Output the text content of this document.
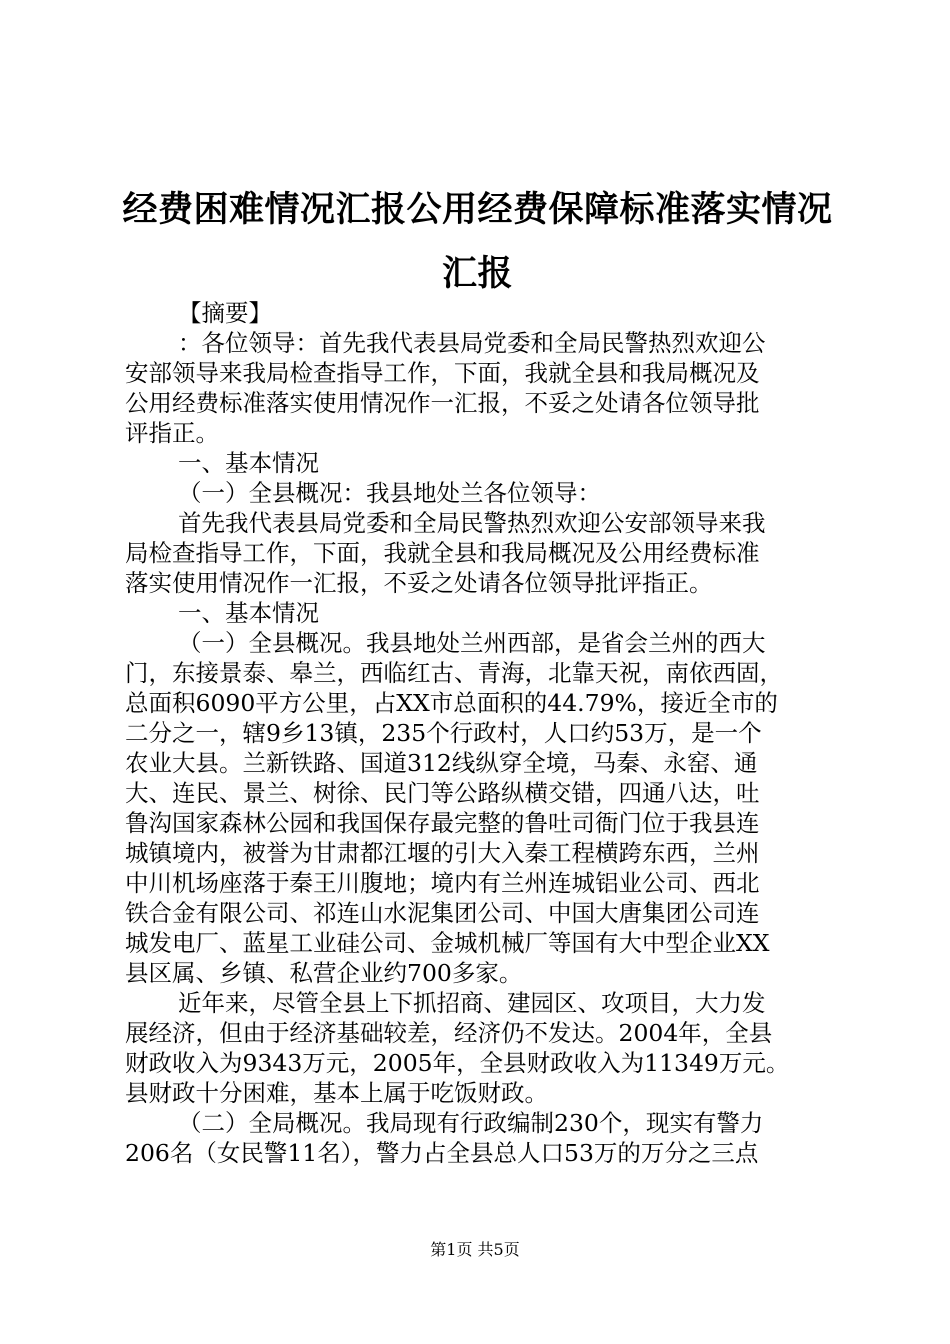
经费困难情况汇报公用经费保障标准落实情况
汇报
【摘要】
：各位领导：首先我代表县局党委和全局民警热烈欢迎公
安部领导来我局检查指导工作，下面，我就全县和我局概况及
公用经费标准落实使用情况作一汇报，不妥之处请各位领导批
评指正。
一、基本情况
（一）全县概况：我县地处兰各位领导：
首先我代表县局党委和全局民警热烈欢迎公安部领导来我
局检查指导工作，下面，我就全县和我局概况及公用经费标准
落实使用情况作一汇报，不妥之处请各位领导批评指正。
一、基本情况
（一）全县概况。我县地处兰州西部，是省会兰州的西大
门，东接景泰、皋兰，西临红古、青海，北靠天祝，南依西固，
总面积6090平方公里，占XX市总面积的44.79%，接近全市的
二分之一，辖9乡13镇，235个行政村，人口约53万，是一个
农业大县。兰新铁路、国道312线纵穿全境，马秦、永窑、通
大、连民、景兰、树徐、民门等公路纵横交错，四通八达，吐
鲁沟国家森林公园和我国保存最完整的鲁吐司衙门位于我县连
城镇境内，被誉为甘肃都江堰的引大入秦工程横跨东西，兰州
中川机场座落于秦王川腹地；境内有兰州连城铝业公司、西北
铁合金有限公司、祁连山水泥集团公司、中国大唐集团公司连
城发电厂、蓝星工业硅公司、金城机械厂等国有大中型企业XX
县区属、乡镇、私营企业约700多家。
近年来，尽管全县上下抓招商、建园区、攻项目，大力发
展经济，但由于经济基础较差，经济仍不发达。2004年，全县
财政收入为9343万元，2005年，全县财政收入为11349万元。
县财政十分困难，基本上属于吃饭财政。
（二）全局概况。我局现有行政编制230个，现实有警力
206名（女民警11名），警力占全县总人口53万的万分之三点
第1页 共5页
